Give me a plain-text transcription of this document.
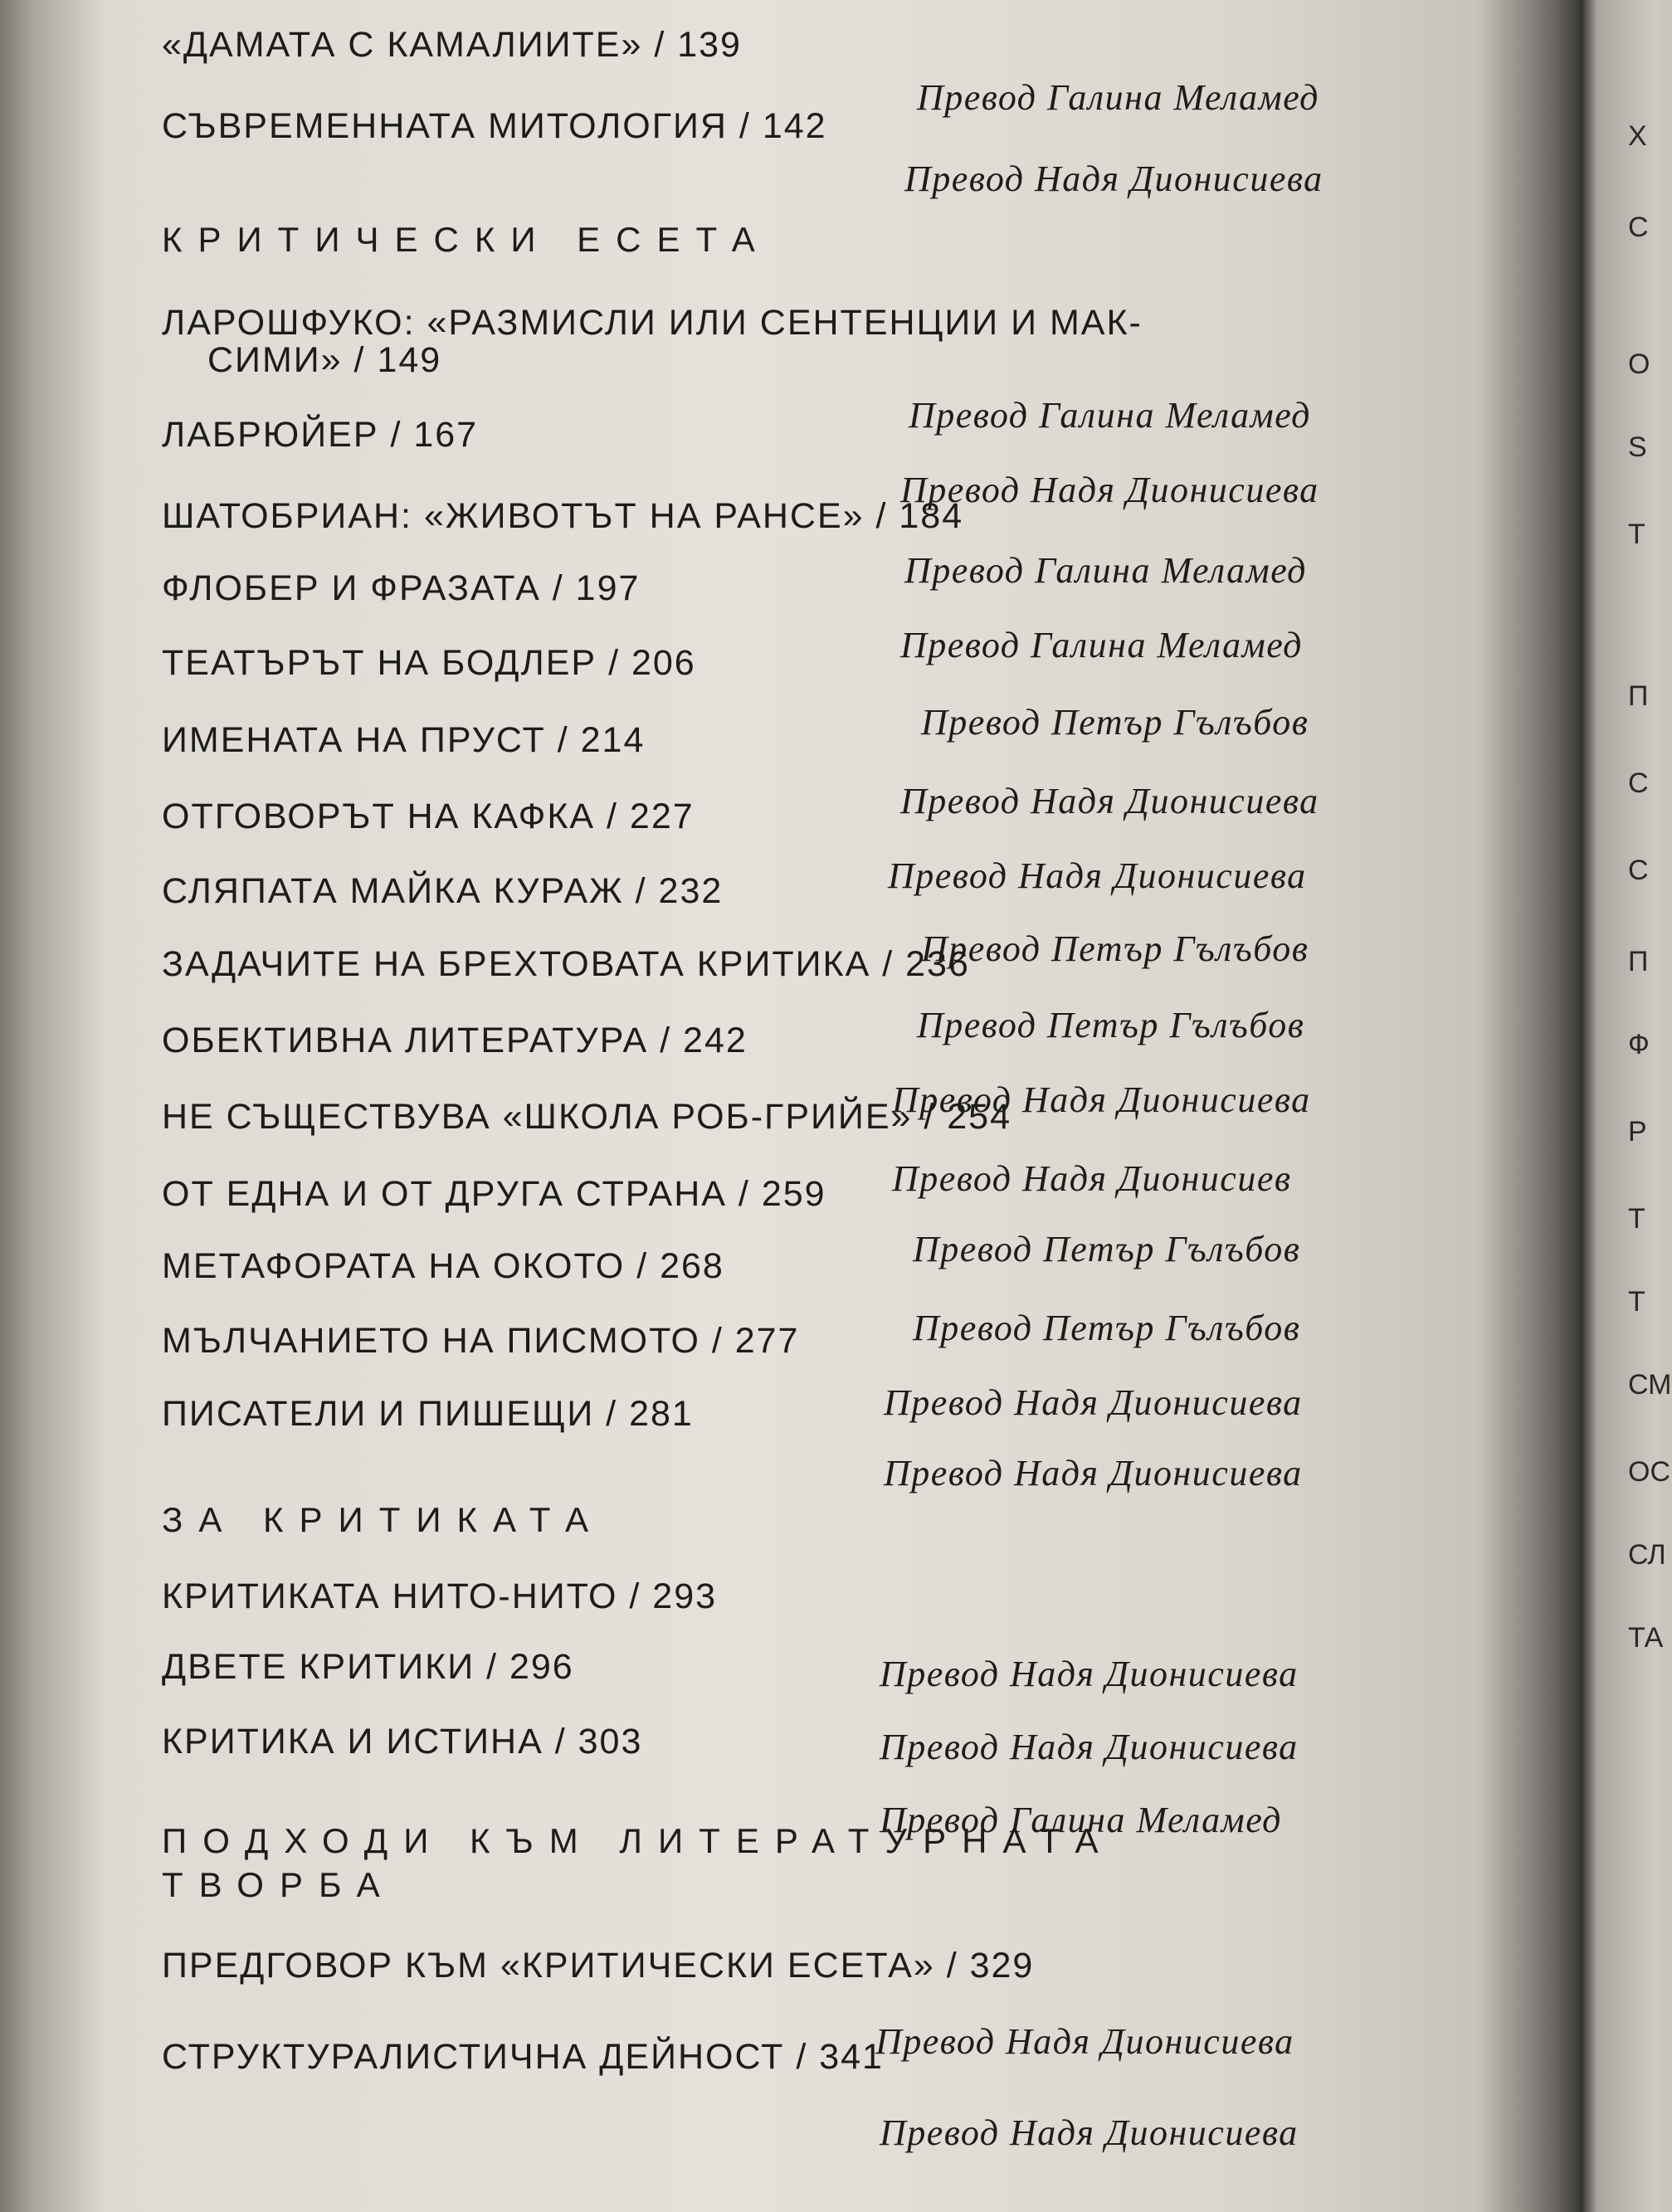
«ДАМАТА С КАМАЛИИТЕ» / 139
Превод Галина Меламед
СЪВРЕМЕННАТА МИТОЛОГИЯ / 142
Превод Надя Дионисиева
КРИТИЧЕСКИ ЕСЕТА
ЛАРОШФУКО: «РАЗМИСЛИ ИЛИ СЕНТЕНЦИИ И МАК-
СИМИ» / 149
Превод Галина Меламед
ЛАБРЮЙЕР / 167
Превод Надя Дионисиева
ШАТОБРИАН: «ЖИВОТЪТ НА РАНСЕ» / 184
Превод Галина Меламед
ФЛОБЕР И ФРАЗАТА / 197
Превод Галина Меламед
ТЕАТЪРЪТ НА БОДЛЕР / 206
Превод Петър Гълъбов
ИМЕНАТА НА ПРУСТ / 214
Превод Надя Дионисиева
ОТГОВОРЪТ НА КАФКА / 227
Превод Надя Дионисиева
СЛЯПАТА МАЙКА КУРАЖ / 232
Превод Петър Гълъбов
ЗАДАЧИТЕ НА БРЕХТОВАТА КРИТИКА / 236
Превод Петър Гълъбов
ОБЕКТИВНА ЛИТЕРАТУРА / 242
Превод Надя Дионисиева
НЕ СЪЩЕСТВУВА «ШКОЛА РОБ-ГРИЙЕ» / 254
Превод Надя Дионисиев
ОТ ЕДНА И ОТ ДРУГА СТРАНА / 259
Превод Петър Гълъбов
МЕТАФОРАТА НА ОКОТО / 268
Превод Петър Гълъбов
МЪЛЧАНИЕТО НА ПИСМОТО / 277
Превод Надя Дионисиева
ПИСАТЕЛИ И ПИШЕЩИ / 281
Превод Надя Дионисиева
ЗА КРИТИКАТА
КРИТИКАТА НИТО-НИТО / 293
Превод Надя Дионисиева
ДВЕТЕ КРИТИКИ / 296
Превод Надя Дионисиева
КРИТИКА И ИСТИНА / 303
Превод Галина Меламед
ПОДХОДИ КЪМ ЛИТЕРАТУРНАТА
ТВОРБА
ПРЕДГОВОР КЪМ «КРИТИЧЕСКИ ЕСЕТА» / 329
Превод Надя Дионисиева
СТРУКТУРАЛИСТИЧНА ДЕЙНОСТ / 341
Превод Надя Дионисиева
Х
С
О
S
Т
П
С
С
П
Ф
Р
Т
Т
СМ
ОС
СЛ
ТА
